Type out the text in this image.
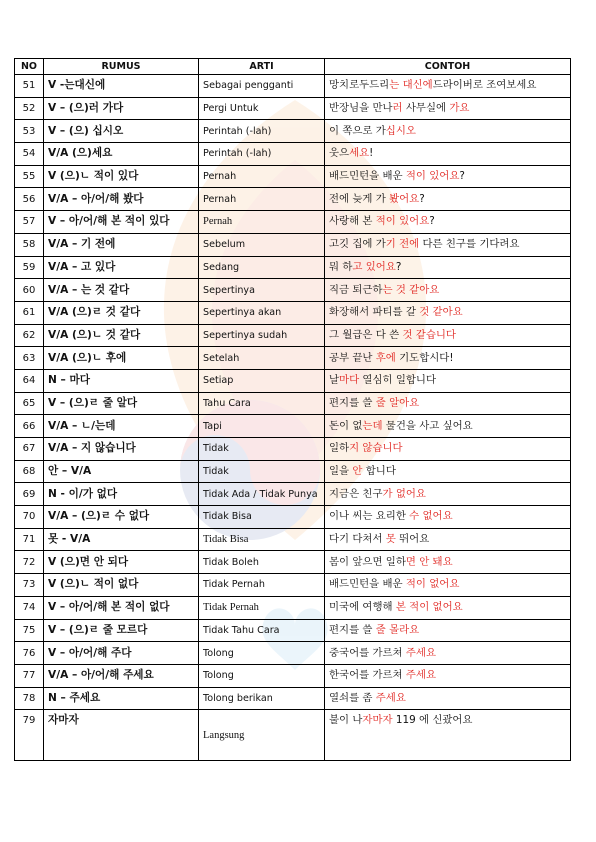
NO	RUMUS	ARTI	CONTOH
51	V -는대신에	Sebagai pengganti	망치로두드리는 대신에드라이버로 조여보세요
52	V – (으)러 가다	Pergi Untuk	반장님을 만나러 사무실에 가요
53	V – (으) 십시오	Perintah (-lah)	이 쪽으로 가십시오
54	V/A (으)세요	Perintah (-lah)	웃으세요!
55	V (으)ㄴ 적이 있다	Pernah	배드민턴을 배운 적이 있어요?
56	V/A – 아/어/해 봤다	Pernah	전에 늦게 가 봤어요?
57	V – 아/어/해 본 적이 있다	Pernah	사랑해 본 적이 있어요?
58	V/A – 기 전에	Sebelum	고깃 집에 가기 전에 다른 친구를 기다려요
59	V/A – 고 있다	Sedang	뭐 하고 있어요?
60	V/A – 는 것 같다	Sepertinya	직금 퇴근하는 것 같아요
61	V/A (으)ㄹ 것 같다	Sepertinya akan	화장해서 파티를 갈 것 같아요
62	V/A (으)ㄴ 것 같다	Sepertinya sudah	그 월급은 다 쓴 것 같습니다
63	V/A (으)ㄴ 후에	Setelah	공부 끝난 후에 기도합시다!
64	N – 마다	Setiap	날마다 열심히 일합니다
65	V – (으)ㄹ 줄 알다	Tahu Cara	편지를 쓸 줄 알아요
66	V/A – ㄴ/는데	Tapi	돈이 없는데 물건을 사고 싶어요
67	V/A – 지 않습니다	Tidak	일하지 않습니다
68	안 – V/A	Tidak	일을 안 합니다
69	N - 이/가 없다	Tidak Ada / Tidak Punya	지금은 친구가 없어요
70	V/A – (으)ㄹ 수 없다	Tidak Bisa	이나 씨는 요리한 수 없어요
71	못 - V/A	Tidak Bisa	다기 다쳐서 못 뛰어요
72	V (으)면 안 되다	Tidak Boleh	몸이 앞으면 일하면 안 돼요
73	V (으)ㄴ 적이 없다	Tidak Pernah	배드민턴을 배운 적이 없어요
74	V – 아/어/해 본 적이 없다	Tidak Pernah	미국에 여행해 본 적이 없어요
75	V – (으)ㄹ 줄 모르다	Tidak Tahu Cara	편지를 쓸 줄 몰라요
76	V – 아/어/해 주다	Tolong	중국어를 가르쳐 주세요
77	V/A – 아/어/해 주세요	Tolong	한국어를 가르쳐 주세요
78	N – 주세요	Tolong berikan	열쇠를 좀 주세요
79	자마자	Langsung	불이 나자마자 119 에 신괐어요
